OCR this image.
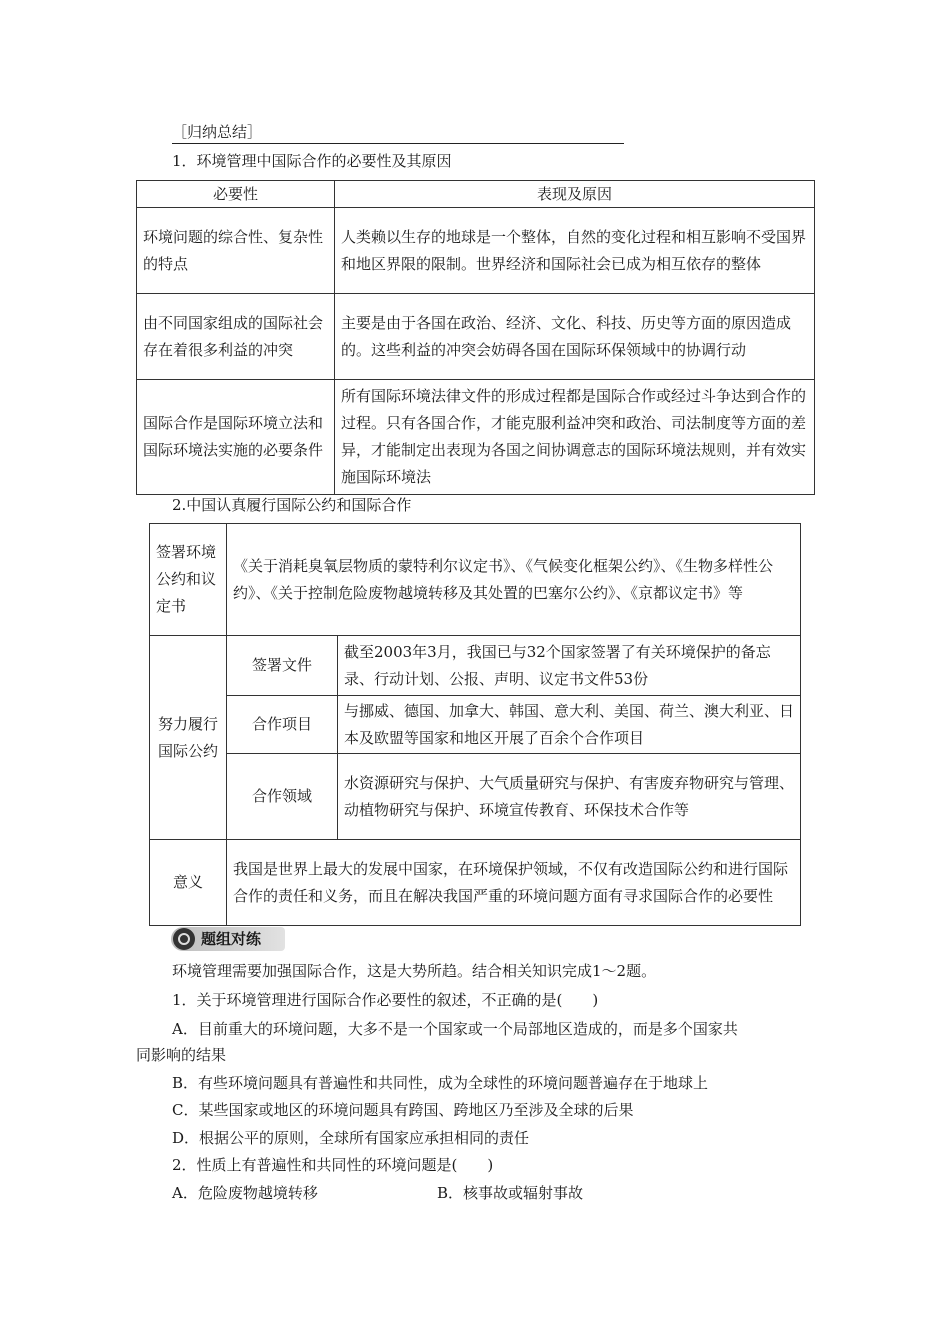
［归纳总结］
1．环境管理中国际合作的必要性及其原因
必要性	表现及原因
环境问题的综合性、复杂性的特点	人类赖以生存的地球是一个整体，自然的变化过程和相互影响不受国界和地区界限的限制。世界经济和国际社会已成为相互依存的整体
由不同国家组成的国际社会存在着很多利益的冲突	主要是由于各国在政治、经济、文化、科技、历史等方面的原因造成的。这些利益的冲突会妨碍各国在国际环保领域中的协调行动
国际合作是国际环境立法和国际环境法实施的必要条件	所有国际环境法律文件的形成过程都是国际合作或经过斗争达到合作的过程。只有各国合作，才能克服利益冲突和政治、司法制度等方面的差异，才能制定出表现为各国之间协调意志的国际环境法规则，并有效实施国际环境法
2.中国认真履行国际公约和国际合作
签署环境公约和议定书	《关于消耗臭氧层物质的蒙特利尔议定书》、《气候变化框架公约》、《生物多样性公约》、《关于控制危险废物越境转移及其处置的巴塞尔公约》、《京都议定书》等	
努力履行国际公约	签署文件	截至2003年3月，我国已与32个国家签署了有关环境保护的备忘录、行动计划、公报、声明、议定书文件53份
	合作项目	与挪威、德国、加拿大、韩国、意大利、美国、荷兰、澳大利亚、日本及欧盟等国家和地区开展了百余个合作项目
	合作领域	水资源研究与保护、大气质量研究与保护、有害废弃物研究与管理、动植物研究与保护、环境宣传教育、环保技术合作等
意义	我国是世界上最大的发展中国家，在环境保护领域，不仅有改造国际公约和进行国际合作的责任和义务，而且在解决我国严重的环境问题方面有寻求国际合作的必要性	
题组对练
环境管理需要加强国际合作，这是大势所趋。结合相关知识完成1～2题。
1．关于环境管理进行国际合作必要性的叙述，不正确的是(　　)
A．目前重大的环境问题，大多不是一个国家或一个局部地区造成的，而是多个国家共
同影响的结果
B．有些环境问题具有普遍性和共同性，成为全球性的环境问题普遍存在于地球上
C．某些国家或地区的环境问题具有跨国、跨地区乃至涉及全球的后果
D．根据公平的原则，全球所有国家应承担相同的责任
2．性质上有普遍性和共同性的环境问题是(　　)
A．危险废物越境转移	B．核事故或辐射事故
